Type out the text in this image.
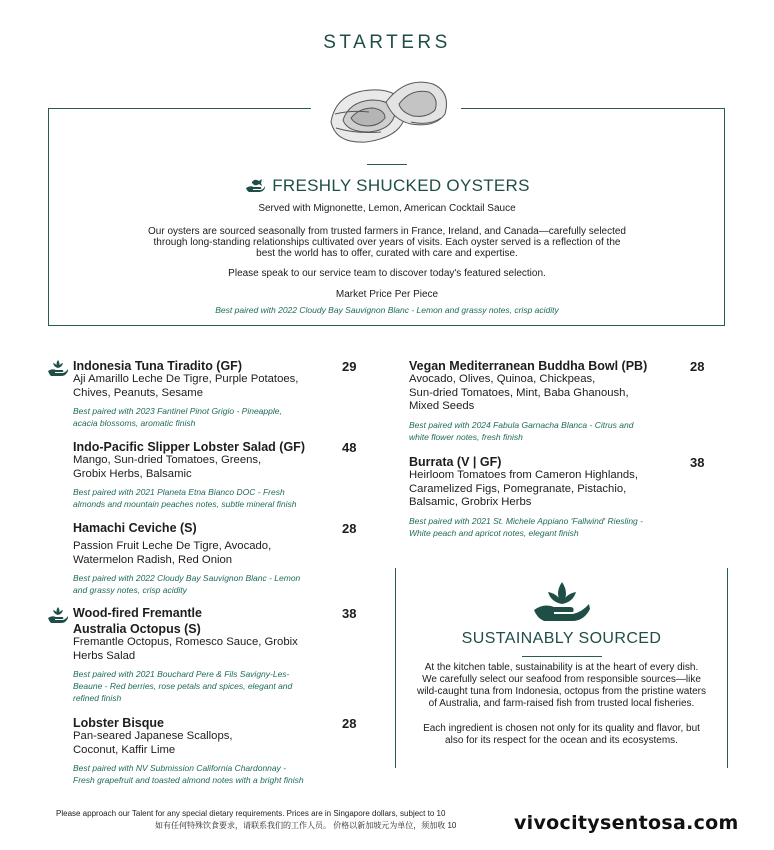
STARTERS
FRESHLY SHUCKED OYSTERS
Served with Mignonette, Lemon, American Cocktail Sauce
Our oysters are sourced seasonally from trusted farmers in France, Ireland, and Canada—carefully selected
through long-standing relationships cultivated over years of visits. Each oyster served is a reflection of the
best the world has to offer, curated with care and expertise.
Please speak to our service team to discover today's featured selection.
Market Price Per Piece
Best paired with 2022 Cloudy Bay Sauvignon Blanc - Lemon and grassy notes, crisp acidity
Indonesia Tuna Tiradito (GF)
Aji Amarillo Leche De Tigre, Purple Potatoes,
Chives, Peanuts, Sesame
Best paired with 2023 Fantinel Pinot Grigio - Pineapple,
acacia blossoms, aromatic finish
29
Indo-Pacific Slipper Lobster Salad (GF)
Mango, Sun-dried Tomatoes, Greens,
Grobix Herbs, Balsamic
Best paired with 2021 Planeta Etna Bianco DOC - Fresh
almonds and mountain peaches notes, subtle mineral finish
48
Hamachi Ceviche (S)
Passion Fruit Leche De Tigre, Avocado,
Watermelon Radish, Red Onion
Best paired with 2022 Cloudy Bay Sauvignon Blanc - Lemon
and grassy notes, crisp acidity
28
Wood-fired Fremantle
Australia Octopus (S)
Fremantle Octopus, Romesco Sauce, Grobix
Herbs Salad
Best paired with 2021 Bouchard Pere & Fils Savigny-Les-
Beaune - Red berries, rose petals and spices, elegant and
refined finish
38
Lobster Bisque
Pan-seared Japanese Scallops,
Coconut, Kaffir Lime
Best paired with NV Submission California Chardonnay -
Fresh grapefruit and toasted almond notes with a bright finish
28
Vegan Mediterranean Buddha Bowl (PB)
Avocado, Olives, Quinoa, Chickpeas,
Sun-dried Tomatoes, Mint, Baba Ghanoush,
Mixed Seeds
Best paired with 2024 Fabula Garnacha Blanca - Citrus and
white flower notes, fresh finish
28
Burrata (V | GF)
Heirloom Tomatoes from Cameron Highlands,
Caramelized Figs, Pomegranate, Pistachio,
Balsamic, Grobrix Herbs
Best paired with 2021 St. Michele Appiano 'Fallwind' Riesling -
White peach and apricot notes, elegant finish
38
SUSTAINABLY SOURCED
At the kitchen table, sustainability is at the heart of every dish.
We carefully select our seafood from responsible sources—like
wild-caught tuna from Indonesia, octopus from the pristine waters
of Australia, and farm-raised fish from trusted local fisheries.
Each ingredient is chosen not only for its quality and flavor, but
also for its respect for the ocean and its ecosystems.
Please approach our Talent for any special dietary requirements. Prices are in Singapore dollars, subject to 10
如有任何特殊饮食要求，请联系我们的工作人员。 价格以新加坡元为单位，须加收 10	vivocitysentosa.com
